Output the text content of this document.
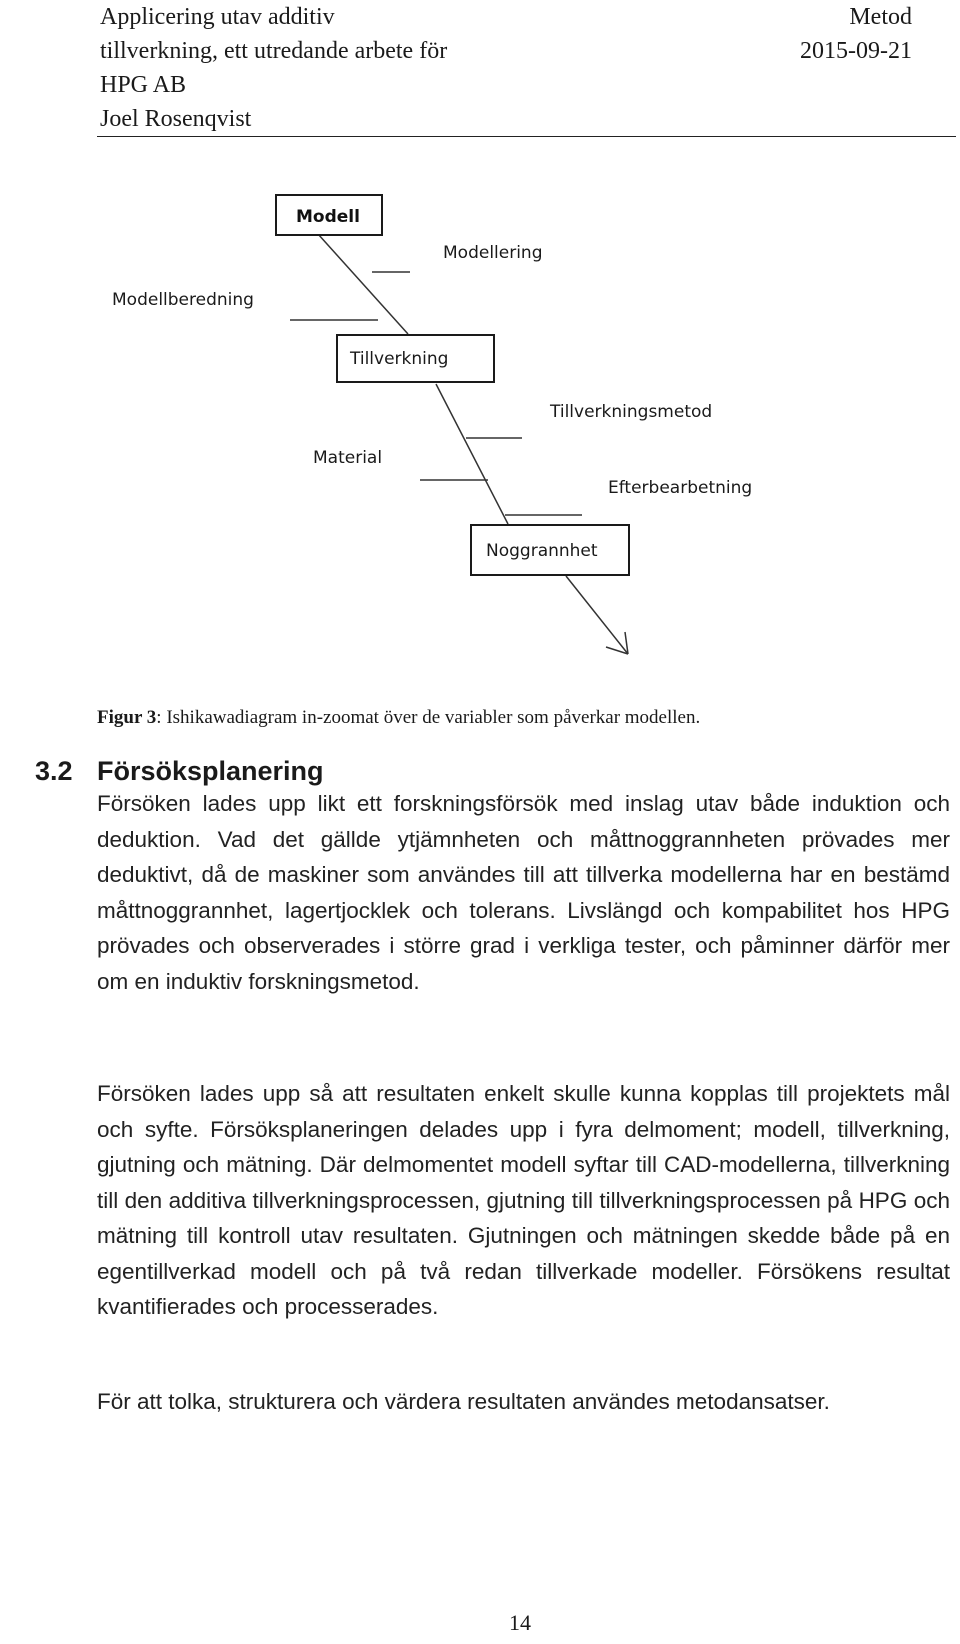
Applicering utav additiv
tillverkning, ett utredande arbete för
HPG AB
Joel Rosenqvist
Metod
2015-09-21
Modell
Tillverkning
Noggrannhet
Modellering
Modellberedning
Tillverkningsmetod
Material
Efterbearbetning
Figur 3: Ishikawadiagram in-zoomat över de variabler som påverkar modellen.
3.2 Försöksplanering
Försöken lades upp likt ett forskningsförsök med inslag utav både induktion och deduktion. Vad det gällde ytjämnheten och måttnoggrannheten prövades mer deduktivt, då de maskiner som användes till att tillverka modellerna har en bestämd måttnoggrannhet, lagertjocklek och tolerans. Livslängd och kompabilitet hos HPG prövades och observerades i större grad i verkliga tester, och påminner därför mer om en induktiv forskningsmetod.
Försöken lades upp så att resultaten enkelt skulle kunna kopplas till projektets mål och syfte. Försöksplaneringen delades upp i fyra delmoment; modell, tillverkning, gjutning och mätning. Där delmomentet modell syftar till CAD-modellerna, tillverkning till den additiva tillverkningsprocessen, gjutning till tillverkningsprocessen på HPG och mätning till kontroll utav resultaten. Gjutningen och mätningen skedde både på en egentillverkad modell och på två redan tillverkade modeller. Försökens resultat kvantifierades och processerades.
För att tolka, strukturera och värdera resultaten användes metodansatser.
14
